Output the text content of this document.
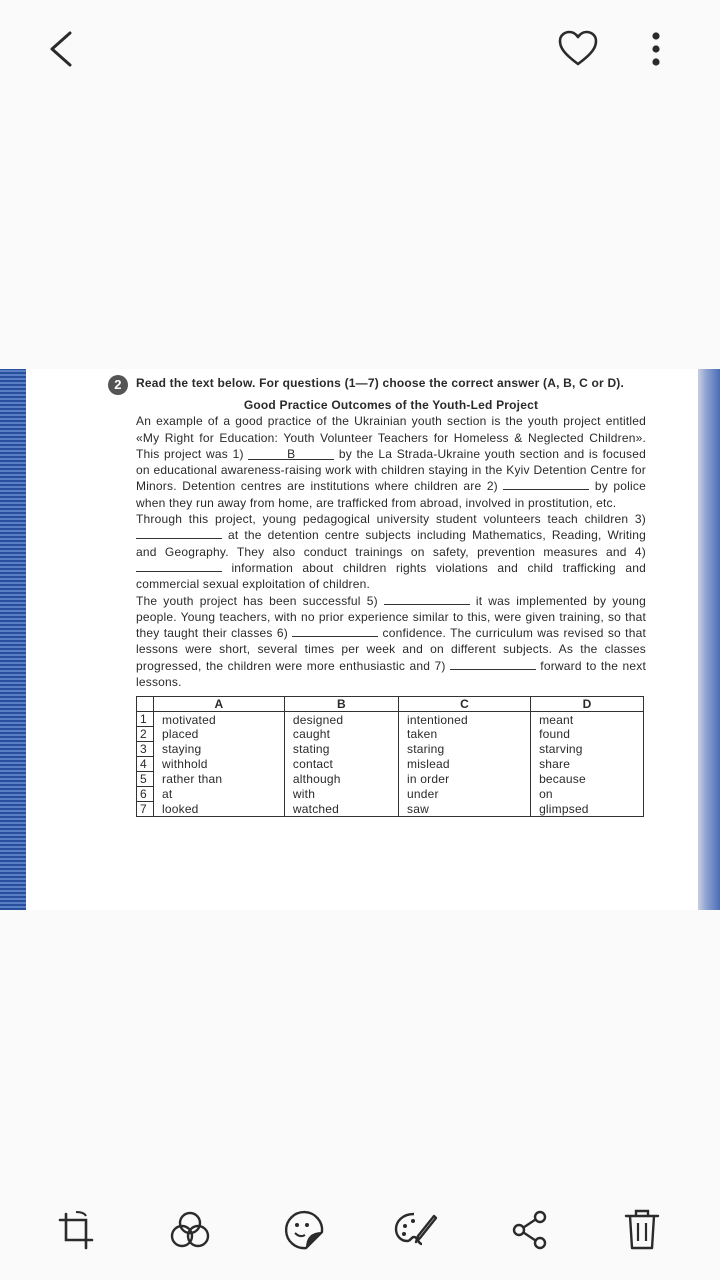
2	Read the text below. For questions (1—7) choose the correct answer (A, B, C or D).
Good Practice Outcomes of the Youth-Led Project
An example of a good practice of the Ukrainian youth section is the youth project entitled «My Right for Education: Youth Volunteer Teachers for Homeless & Neglected Children». This project was 1)	B	by the La Strada-Ukraine youth section and is focused on educational awareness-raising work with children staying in the Kyiv Detention Centre for Minors. Detention centres are institutions where children are 2)	by police when they run away from home, are trafficked from abroad, involved in prostitution, etc.
Through this project, young pedagogical university student volunteers teach children 3)  at the detention centre subjects including Mathematics, Reading, Writing and Geography. They also conduct trainings on safety, prevention measures and 4)  information about children rights violations and child trafficking and commercial sexual exploitation of children.
The youth project has been successful 5)	it was implemented by young people. Young teachers, with no prior experience similar to this, were given training, so that they taught their classes 6)	confidence. The curriculum was revised so that lessons were short, several times per week and on different subjects. As the classes progressed, the children were more enthusiastic and 7)	forward to the next lessons.
	A	B	C	D
1	motivated	designed	intentioned	meant
2	placed	caught	taken	found
3	staying	stating	staring	starving
4	withhold	contact	mislead	share
5	rather than	although	in order	because
6	at	with	under	on
7	looked	watched	saw	glimpsed
